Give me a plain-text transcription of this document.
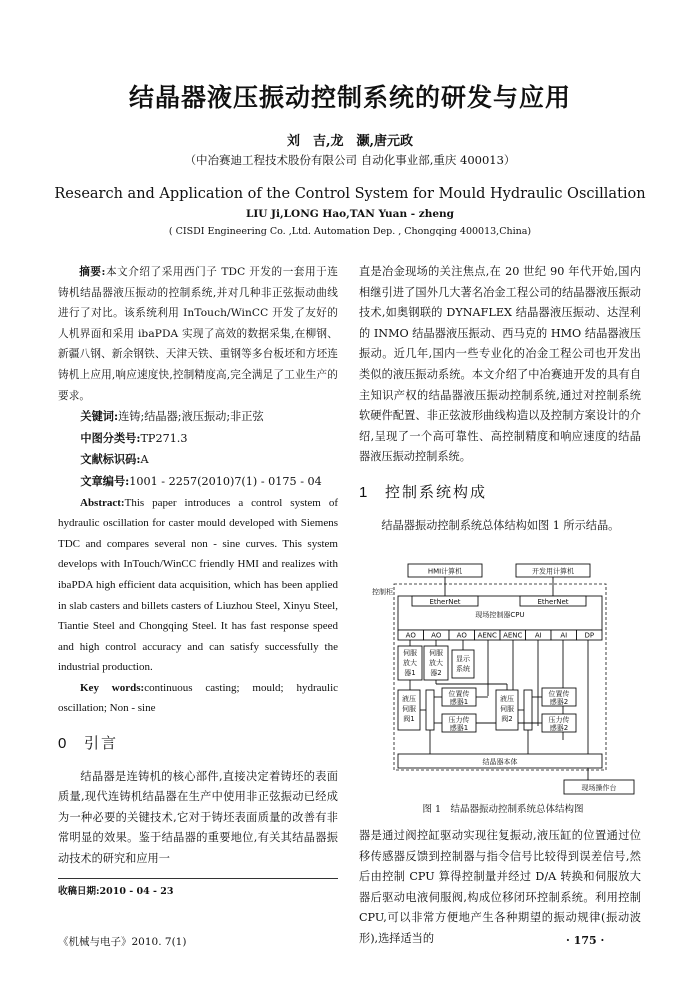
结晶器液压振动控制系统的研发与应用
刘　吉,龙　灏,唐元政
（中冶赛迪工程技术股份有限公司 自动化事业部,重庆 400013）
Research and Application of the Control System for Mould Hydraulic Oscillation
LIU Ji,LONG Hao,TAN Yuan - zheng
( CISDI Engineering Co. ,Ltd. Automation Dep. , Chongqing 400013,China)
摘要:本文介绍了采用西门子 TDC 开发的一套用于连铸机结晶器液压振动的控制系统,并对几种非正弦振动曲线进行了对比。该系统利用 InTouch/WinCC 开发了友好的人机界面和采用 ibaPDA 实现了高效的数据采集,在柳钢、新疆八钢、新余钢铁、天津天铁、重钢等多台板坯和方坯连铸机上应用,响应速度快,控制精度高,完全满足了工业生产的要求。
关键词:连铸;结晶器;液压振动;非正弦
中图分类号:TP271.3
文献标识码:A
文章编号:1001 - 2257(2010)7(1) - 0175 - 04
Abstract:This paper introduces a control system of hydraulic oscillation for caster mould developed with Siemens TDC and compares several non - sine curves. This system develops with InTouch/WinCC friendly HMI and realizes with ibaPDA high efficient data acquisition, which has been applied in slab casters and billets casters of Liuzhou Steel, Xinyu Steel, Tiantie Steel and Chongqing Steel. It has fast response speed and high control accuracy and can satisfy successfully the industrial production.
Key words:continuous casting; mould; hydraulic oscillation; Non - sine
0 引言
结晶器是连铸机的核心部件,直接决定着铸坯的表面质量,现代连铸机结晶器在生产中使用非正弦振动已经成为一种必要的关键技术,它对于铸坯表面质量的改善有非常明显的效果。鉴于结晶器的重要地位,有关其结晶器振动技术的研究和应用一
直是冶金现场的关注焦点,在 20 世纪 90 年代开始,国内相继引进了国外几大著名冶金工程公司的结晶器液压振动技术,如奥钢联的 DYNAFLEX 结晶器液压振动、达涅利的 INMO 结晶器液压振动、西马克的 HMO 结晶器液压振动。近几年,国内一些专业化的冶金工程公司也开发出类似的液压振动系统。本文介绍了中冶赛迪开发的具有自主知识产权的结晶器液压振动控制系统,通过对控制系统软硬件配置、非正弦波形曲线构造以及控制方案设计的介绍,呈现了一个高可靠性、高控制精度和响应速度的结晶器液压振动控制系统。
1 控制系统构成
结晶器振动控制系统总体结构如图 1 所示结晶。
HMI计算机	开发用计算机
控制柜
EtherNet	EtherNet
现场控制器CPU
AO AO AO AENC AENC AI	AI DP
伺服
放大
器1
伺服
放大
器2
显示
系统
液压
伺服
阀1
位置传
感器1
压力传
感器1
液压
伺服
阀2
位置传
感器2
压力传
感器2
结晶器本体
现场操作台
图 1　结晶器振动控制系统总体结构图
器是通过阀控缸驱动实现往复振动,液压缸的位置通过位移传感器反馈到控制器与指令信号比较得到误差信号,然后由控制 CPU 算得控制量并经过 D/A 转换和伺服放大器后驱动电液伺服阀,构成位移闭环控制系统。利用控制 CPU,可以非常方便地产生各种期望的振动规律(振动波形),选择适当的
收稿日期:2010 - 04 - 23
《机械与电子》2010. 7(1)	· 175 ·
